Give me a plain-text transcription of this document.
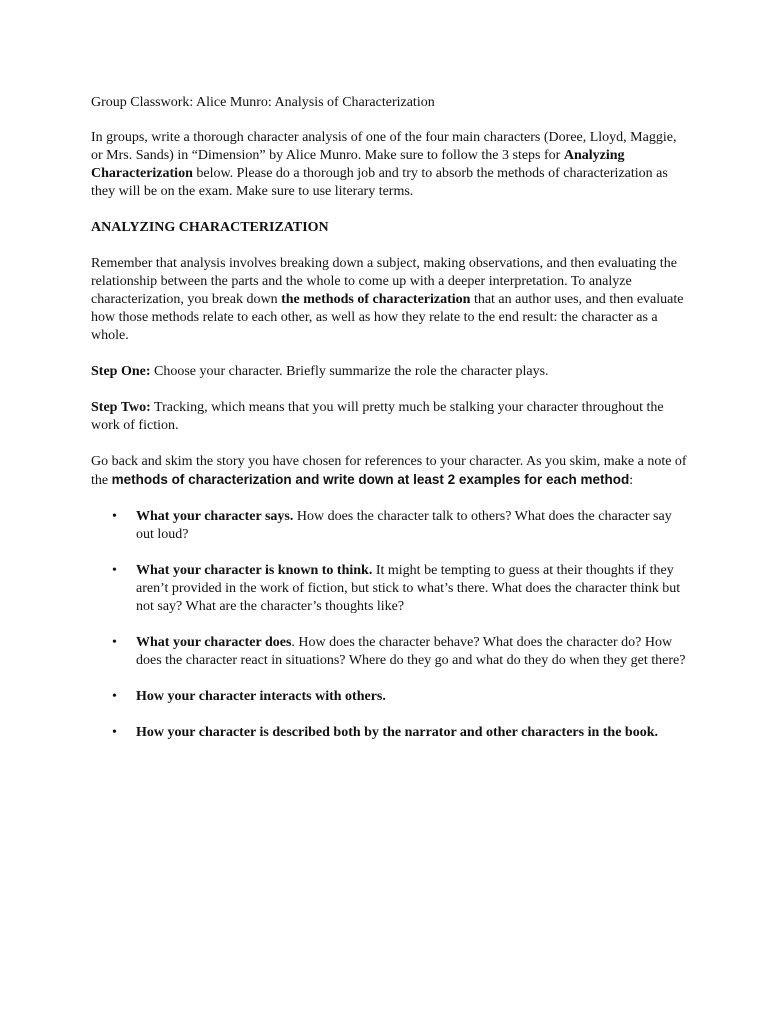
Group Classwork: Alice Munro: Analysis of Characterization

In groups, write a thorough character analysis of one of the four main characters (Doree, Lloyd, Maggie, or Mrs. Sands) in “Dimension” by Alice Munro. Make sure to follow the 3 steps for Analyzing Characterization below. Please do a thorough job and try to absorb the methods of characterization as they will be on the exam. Make sure to use literary terms.

ANALYZING CHARACTERIZATION

Remember that analysis involves breaking down a subject, making observations, and then evaluating the relationship between the parts and the whole to come up with a deeper interpretation. To analyze characterization, you break down the methods of characterization that an author uses, and then evaluate how those methods relate to each other, as well as how they relate to the end result: the character as a whole.

Step One: Choose your character. Briefly summarize the role the character plays.

Step Two: Tracking, which means that you will pretty much be stalking your character throughout the work of fiction.

Go back and skim the story you have chosen for references to your character. As you skim, make a note of the methods of characterization and write down at least 2 examples for each method:

• What your character says. How does the character talk to others? What does the character say out loud?
• What your character is known to think. It might be tempting to guess at their thoughts if they aren’t provided in the work of fiction, but stick to what’s there. What does the character think but not say? What are the character’s thoughts like?
• What your character does. How does the character behave? What does the character do? How does the character react in situations? Where do they go and what do they do when they get there?
• How your character interacts with others.
• How your character is described both by the narrator and other characters in the book.
